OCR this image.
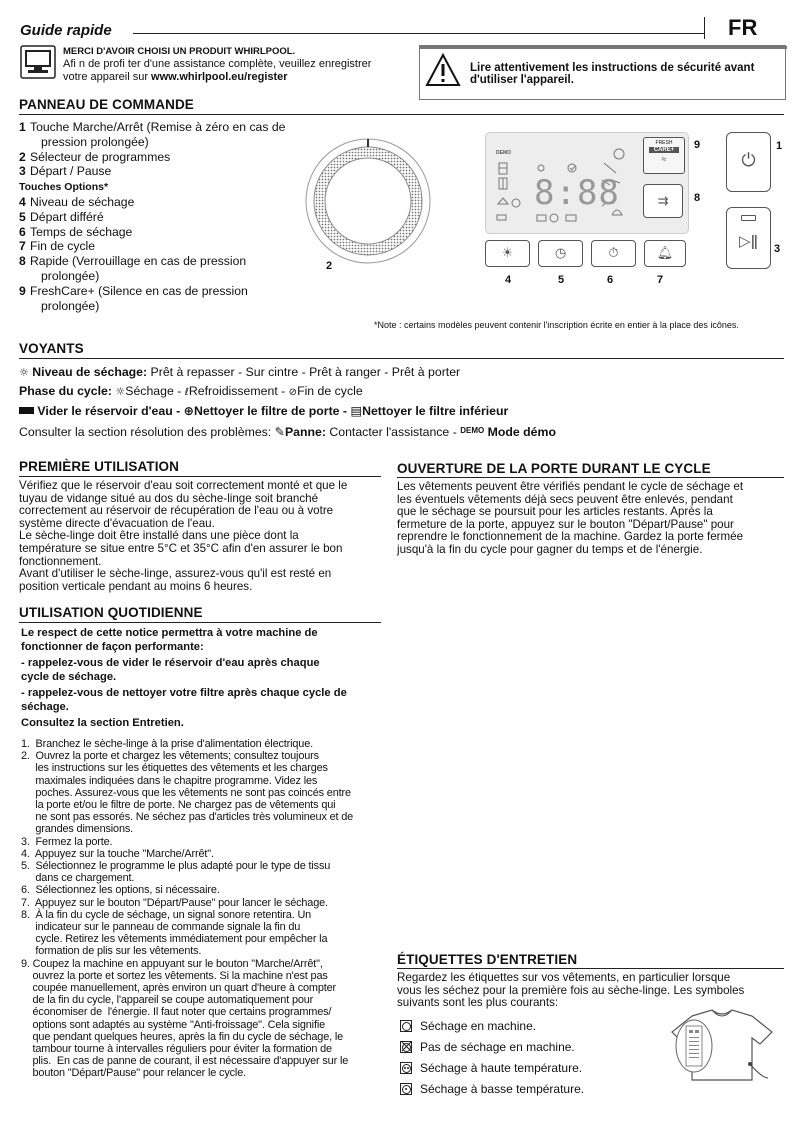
Guide rapide	FR
MERCI D'AVOIR CHOISI UN PRODUIT WHIRLPOOL.
Afi n de profi ter d'une assistance complète, veuillez enregistrer
votre appareil sur www.whirlpool.eu/register
Lire attentivement les instructions de sécurité avant
d'utiliser l'appareil.
PANNEAU DE COMMANDE
1 Touche Marche/Arrêt (Remise à zéro en cas de
pression prolongée)
2 Sélecteur de programmes
3 Départ / Pause
Touches Options*
4 Niveau de séchage
5 Départ différé
6 Temps de séchage
7 Fin de cycle
8 Rapide (Verrouillage en cas de pression
prolongée)
9 FreshCare+ (Silence en cas de pression
prolongée)
2
DEMO
8:88
FRESH
CARE+
≈
9
⇉	8
☀	◷	⏱	🔔︎
4	5	6	7
⏻
1
▷ǁ	3
*Note : certains modèles peuvent contenir l'inscription écrite en entier à la place des icônes.
VOYANTS
☼ Niveau de séchage: Prêt à repasser - Sur cintre - Prêt à ranger - Prêt à porter
Phase du cycle: ☼Séchage - ℓRefroidissement - ⊘Fin de cycle
Vider le réservoir d'eau - ⊕Nettoyer le filtre de porte - ▤Nettoyer le filtre inférieur
Consulter la section résolution des problèmes: ✎Panne: Contacter l'assistance - $^{DEMO}$ Mode démo
PREMIÈRE UTILISATION
Vérifiez que le réservoir d'eau soit correctement monté et que le
tuyau de vidange situé au dos du sèche-linge soit branché
correctement au réservoir de récupération de l'eau ou à votre
système directe d'évacuation de l'eau.
Le sèche-linge doit être installé dans une pièce dont la
température se situe entre 5°C et 35°C afin d'en assurer le bon
fonctionnement.
Avant d'utiliser le sèche-linge, assurez-vous qu'il est resté en
position verticale pendant au moins 6 heures.
UTILISATION QUOTIDIENNE
Le respect de cette notice permettra à votre machine de
fonctionner de façon performante:
- rappelez-vous de vider le réservoir d'eau après chaque
cycle de séchage.
- rappelez-vous de nettoyer votre filtre après chaque cycle de
séchage.
Consultez la section Entretien.
1.  Branchez le sèche-linge à la prise d'alimentation électrique.
2.  Ouvrez la porte et chargez les vêtements; consultez toujours
les instructions sur les étiquettes des vêtements et les charges
maximales indiquées dans le chapitre programme. Videz les
poches. Assurez-vous que les vêtements ne sont pas coincés entre
la porte et/ou le filtre de porte. Ne chargez pas de vêtements qui
ne sont pas essorés. Ne séchez pas d'articles très volumineux et de
grandes dimensions.
3.  Fermez la porte.
4.  Appuyez sur la touche "Marche/Arrêt".
5.  Sélectionnez le programme le plus adapté pour le type de tissu
dans ce chargement.
6.  Sélectionnez les options, si nécessaire.
7.  Appuyez sur le bouton "Départ/Pause" pour lancer le séchage.
8.  À la fin du cycle de séchage, un signal sonore retentira. Un
indicateur sur le panneau de commande signale la fin du
cycle. Retirez les vêtements immédiatement pour empêcher la
formation de plis sur les vêtements.
9. Coupez la machine en appuyant sur le bouton "Marche/Arrêt",
ouvrez la porte et sortez les vêtements. Si la machine n'est pas
coupée manuellement, après environ un quart d'heure à compter
de la fin du cycle, l'appareil se coupe automatiquement pour
économiser de  l'énergie. Il faut noter que certains programmes/
options sont adaptés au système "Anti-froissage". Cela signifie
que pendant quelques heures, après la fin du cycle de séchage, le
tambour tourne à intervalles réguliers pour éviter la formation de
plis.  En cas de panne de courant, il est nécessaire d'appuyer sur le
bouton "Départ/Pause" pour relancer le cycle.
OUVERTURE DE LA PORTE DURANT LE CYCLE
Les vêtements peuvent être vérifiés pendant le cycle de séchage et
les éventuels vêtements déjà secs peuvent être enlevés, pendant
que le séchage se poursuit pour les articles restants. Après la
fermeture de la porte, appuyez sur le bouton "Départ/Pause" pour
reprendre le fonctionnement de la machine. Gardez la porte fermée
jusqu'à la fin du cycle pour gagner du temps et de l'énergie.
ÉTIQUETTES D'ENTRETIEN
Regardez les étiquettes sur vos vêtements, en particulier lorsque
vous les séchez pour la première fois au sèche-linge. Les symboles
suivants sont les plus courants:
Séchage en machine.
Pas de séchage en machine.
Séchage à haute température.
Séchage à basse température.
